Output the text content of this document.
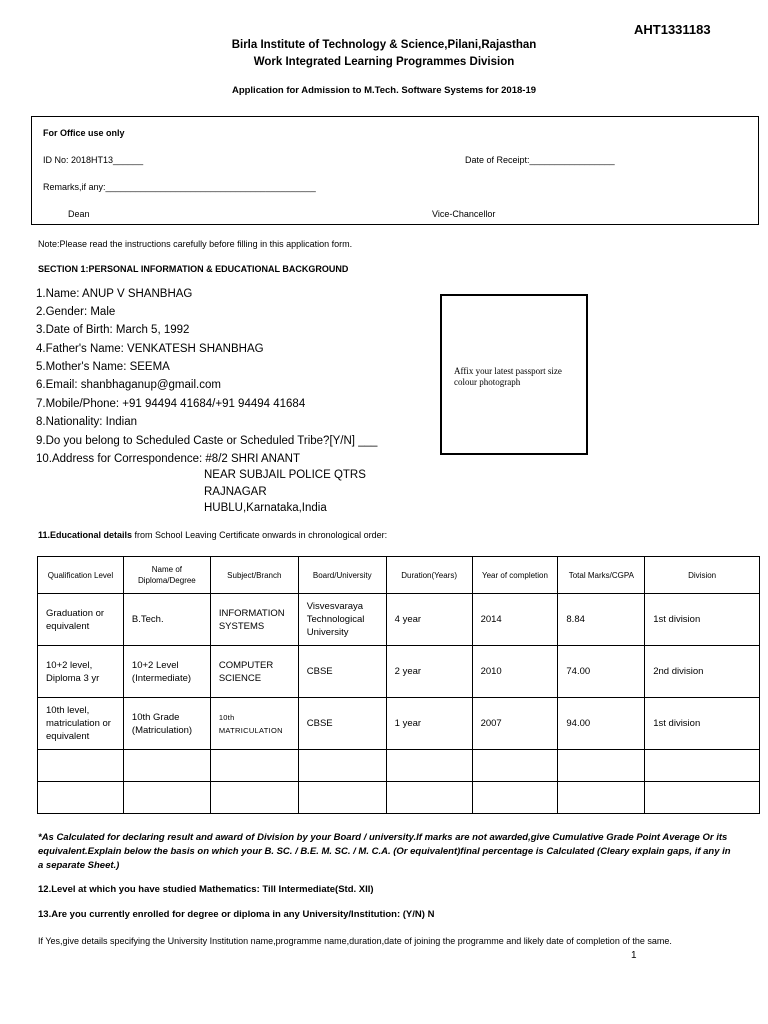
AHT1331183
Birla Institute of Technology & Science,Pilani,Rajasthan
Work Integrated Learning Programmes Division
Application for Admission to M.Tech. Software Systems for 2018-19
For Office use only
ID No: 2018HT13______	Date of Receipt:_________________
Remarks,if any:__________________________________________
Dean	Vice-Chancellor
Note:Please read the instructions carefully before filling in this application form.
SECTION 1:PERSONAL INFORMATION & EDUCATIONAL BACKGROUND
1.Name: ANUP V SHANBHAG
2.Gender: Male
3.Date of Birth: March 5, 1992
4.Father's Name: VENKATESH SHANBHAG
5.Mother's Name: SEEMA
6.Email: shanbhaganup@gmail.com
7.Mobile/Phone: +91 94494 41684/+91 94494 41684
8.Nationality: Indian
9.Do you belong to Scheduled Caste or Scheduled Tribe?[Y/N] ___
10.Address for Correspondence: #8/2 SHRI ANANT
NEAR SUBJAIL POLICE QTRS
RAJNAGAR
HUBLU,Karnataka,India
Affix your latest passport size colour photograph
11.Educational details from School Leaving Certificate onwards in chronological order:
Qualification Level	Name of Diploma/Degree	Subject/Branch	Board/University	Duration(Years)	Year of completion	Total Marks/CGPA	Division
Graduation or equivalent	B.Tech.	INFORMATION SYSTEMS	Visvesvaraya Technological University	4 year	2014	8.84	1st division
10+2 level, Diploma 3 yr	10+2 Level (Intermediate)	COMPUTER SCIENCE	CBSE	2 year	2010	74.00	2nd division
10th level, matriculation or equivalent	10th Grade (Matriculation)	10th MATRICULATION	CBSE	1 year	2007	94.00	1st division

*As Calculated for declaring result and award of Division by your Board / university.If marks are not awarded,give Cumulative Grade Point Average Or its equivalent.Explain below the basis on which your B. SC. / B.E. M. SC. / M. C.A. (Or equivalent)final percentage is Calculated (Cleary explain gaps, if any in a separate Sheet.)
12.Level at which you have studied Mathematics: Till Intermediate(Std. XII)
13.Are you currently enrolled for degree or diploma in any University/Institution: (Y/N) N
If Yes,give details specifying the University Institution name,programme name,duration,date of joining the programme and likely date of completion of the same.
1
